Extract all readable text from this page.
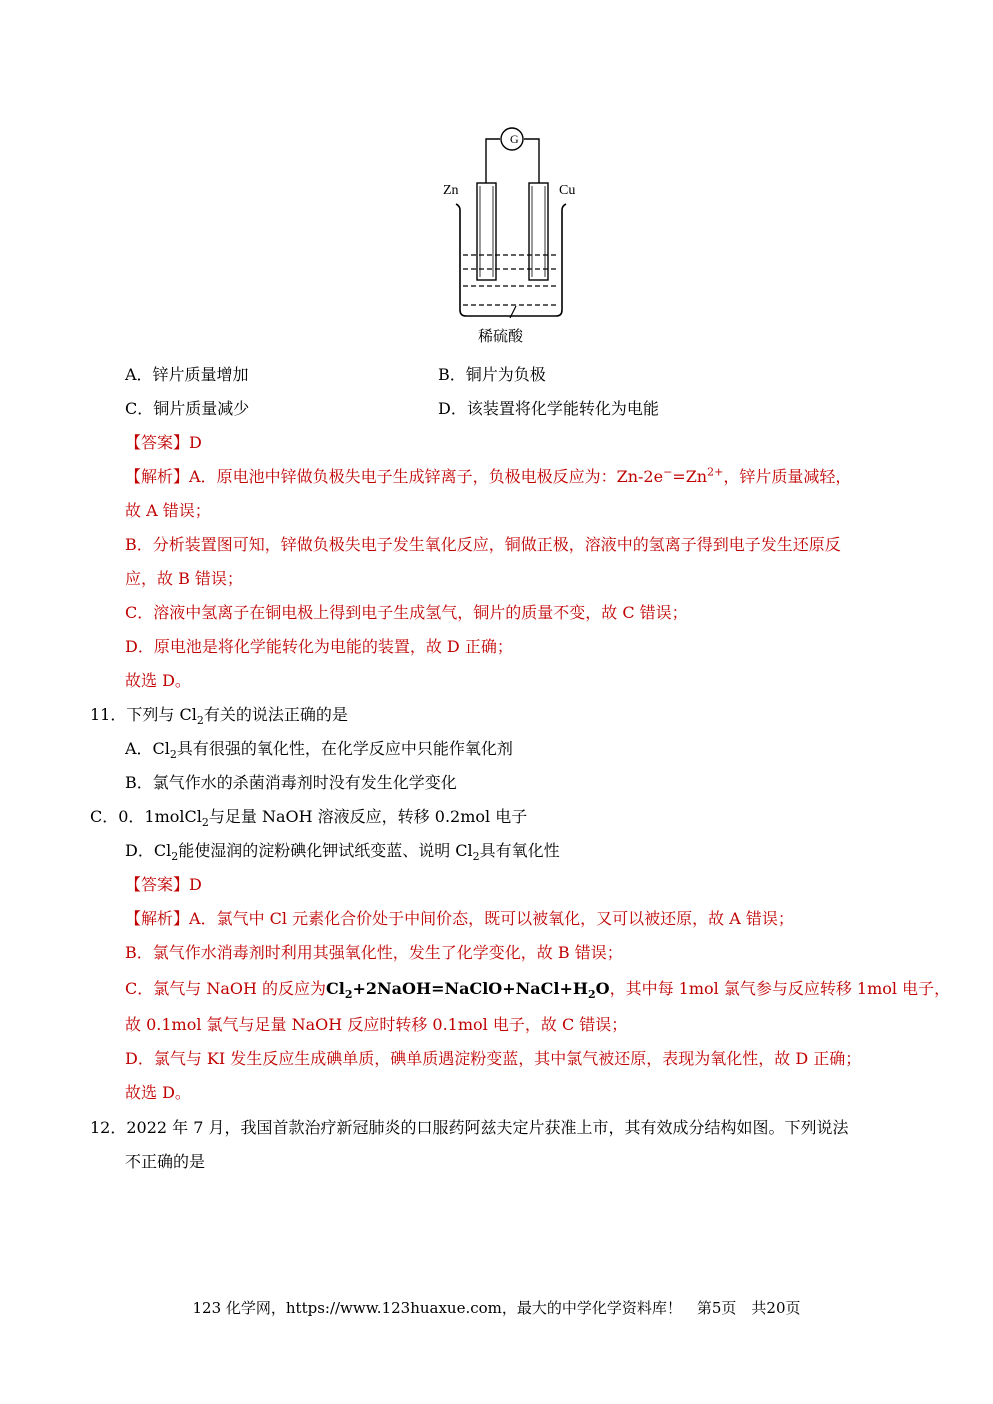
G
Zn	Cu
稀硫酸
A．锌片质量增加	B．铜片为负极
C．铜片质量减少	D．该装置将化学能转化为电能
【答案】D
【解析】A．原电池中锌做负极失电子生成锌离子，负极电极反应为：$Zn-2e^-=Zn^{2+}$，锌片质量减轻，
故 A 错误；
B．分析装置图可知，锌做负极失电子发生氧化反应，铜做正极，溶液中的氢离子得到电子发生还原反
应，故 B 错误；
C．溶液中氢离子在铜电极上得到电子生成氢气，铜片的质量不变，故 C 错误；
D．原电池是将化学能转化为电能的装置，故 D 正确；
故选 D。
11．下列与 $Cl_2$有关的说法正确的是
A．$Cl_2$具有很强的氧化性，在化学反应中只能作氧化剂
B．氯气作水的杀菌消毒剂时没有发生化学变化
C．0．1molCl$_2$与足量 NaOH 溶液反应，转移 0.2mol 电子
D．$Cl_2$能使湿润的淀粉碘化钾试纸变蓝、说明 $Cl_2$具有氧化性
【答案】D
【解析】A．氯气中 Cl 元素化合价处于中间价态，既可以被氧化，又可以被还原，故 A 错误；
B．氯气作水消毒剂时利用其强氧化性，发生了化学变化，故 B 错误；
C．氯气与 NaOH 的反应为$Cl_2+2NaOH=NaClO+NaCl+H_2O$，其中每 1mol 氯气参与反应转移 1mol 电子，
故 0.1mol 氯气与足量 NaOH 反应时转移 0.1mol 电子，故 C 错误；
D．氯气与 KI 发生反应生成碘单质，碘单质遇淀粉变蓝，其中氯气被还原，表现为氧化性，故 D 正确；
故选 D。
12．2022 年 7 月，我国首款治疗新冠肺炎的口服药阿兹夫定片获准上市，其有效成分结构如图。下列说法
不正确的是
123 化学网，https://www.123huaxue.com，最大的中学化学资料库！　第5页　共20页
